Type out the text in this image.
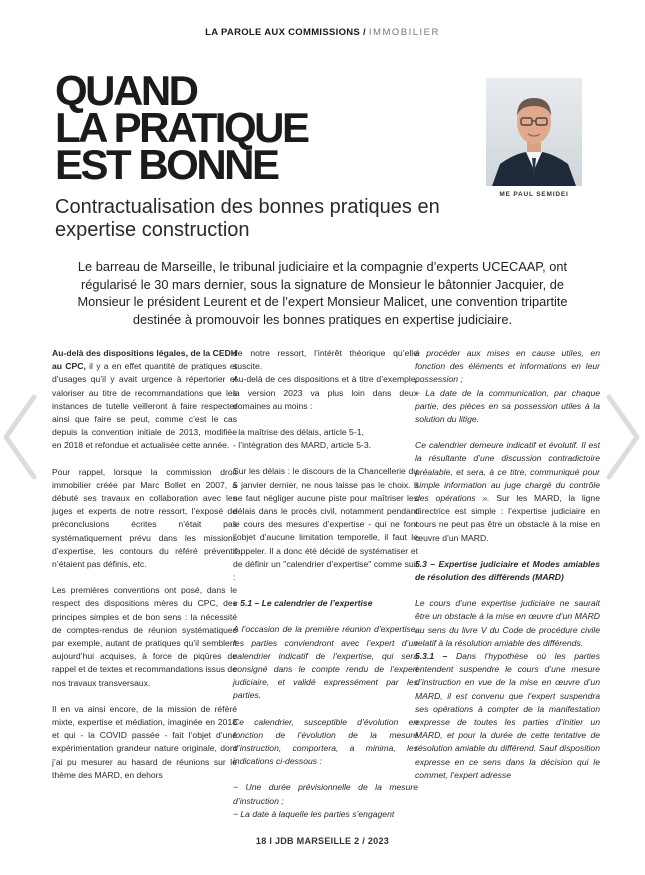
LA PAROLE AUX COMMISSIONS / IMMOBILIER
QUAND
LA PRATIQUE
EST BONNE
Contractualisation des bonnes pratiques en expertise construction
ME PAUL SEMIDEI
Le barreau de Marseille, le tribunal judiciaire et la compagnie d’experts UCECAAP, ont régularisé le 30 mars dernier, sous la signature de Monsieur le bâtonnier Jacquier, de Monsieur le président Leurent et de l’expert Monsieur Malicet, une convention tripartite destinée à promouvoir les bonnes pratiques en expertise judiciaire.

Au-delà des dispositions légales, de la CEDH au CPC, il y a en effet quantité de pratiques et d’usages qu’il y avait urgence à répertorier et valoriser au titre de recommandations que les instances de tutelle veilleront à faire respecter ainsi que faire se peut, comme c’est le cas depuis la convention initiale de 2013, modifiée en 2018 et refondue et actualisée cette année.

Pour rappel, lorsque la commission droit immobilier créée par Marc Bollet en 2007, a débuté ses travaux en collaboration avec les juges et experts de notre ressort, l’exposé de préconclusions écrites n’était pas systématiquement prévu dans les missions d’expertise, les contours du référé préventif n’étaient pas définis, etc.

Les premières conventions ont posé, dans le respect des dispositions mères du CPC, des principes simples et de bon sens : la nécessité de comptes-rendus de réunion systématiques par exemple, autant de pratiques qu’il semblent aujourd’hui acquises, à force de piqûres de rappel et de textes et recommandations issus de nos travaux transversaux.

Il en va ainsi encore, de la mission de référé mixte, expertise et médiation, imaginée en 2018 et qui - la COVID passée - fait l’objet d’une expérimentation grandeur nature originale, dont j’ai pu mesurer au hasard de réunions sur le thème des MARD, en dehors

de notre ressort, l’intérêt théorique qu’elle suscite.

Au-delà de ces dispositions et à titre d’exemple, la version 2023 va plus loin dans deux domaines au moins :

- la maîtrise des délais, article 5-1,

- l’intégration des MARD, article 5-3.

Sur les délais : le discours de la Chancellerie du 5 janvier dernier, ne nous laisse pas le choix. Il ne faut négliger aucune piste pour maîtriser les délais dans le procès civil, notamment pendant le cours des mesures d’expertise - qui ne font l’objet d’aucune limitation temporelle, il faut le rappeler. Il a donc été décidé de systématiser et de définir un "calendrier d’expertise" comme suit :

« 5.1 – Le calendrier de l’expertise

A l’occasion de la première réunion d’expertise, les parties conviendront avec l’expert d’un calendrier indicatif de l’expertise, qui sera consigné dans le compte rendu de l’expert judiciaire, et validé expressément par les parties.

Ce calendrier, susceptible d’évolution en fonction de l’évolution de la mesure d’instruction, comportera, a minima, les indications ci-dessous :

− Une durée prévisionnelle de la mesure d’instruction ;

− La date à laquelle les parties s’engagent

à procéder aux mises en cause utiles, en fonction des éléments et informations en leur possession ;

− La date de la communication, par chaque partie, des pièces en sa possession utiles à la solution du litige.

Ce calendrier demeure indicatif et évolutif. Il est la résultante d’une discussion contradictoire préalable, et sera, à ce titre, communiqué pour simple information au juge chargé du contrôle des opérations ». Sur les MARD, la ligne directrice est simple : l’expertise judiciaire en cours ne peut pas être un obstacle à la mise en œuvre d’un MARD.

5.3 – Expertise judiciaire et Modes amiables de résolution des différends (MARD)

Le cours d’une expertise judiciaire ne saurait être un obstacle à la mise en œuvre d’un MARD au sens du livre V du Code de procédure civile relatif à la résolution amiable des différends.

5.3.1 – Dans l’hypothèse où les parties entendent suspendre le cours d’une mesure d’instruction en vue de la mise en œuvre d’un MARD, il est convenu que l’expert suspendra ses opérations à compter de la manifestation expresse de toutes les parties d’initier un MARD, et pour la durée de cette tentative de résolution amiable du différend. Sauf disposition expresse en ce sens dans la décision qui le commet, l’expert adresse

18 I JDB MARSEILLE 2 / 2023
